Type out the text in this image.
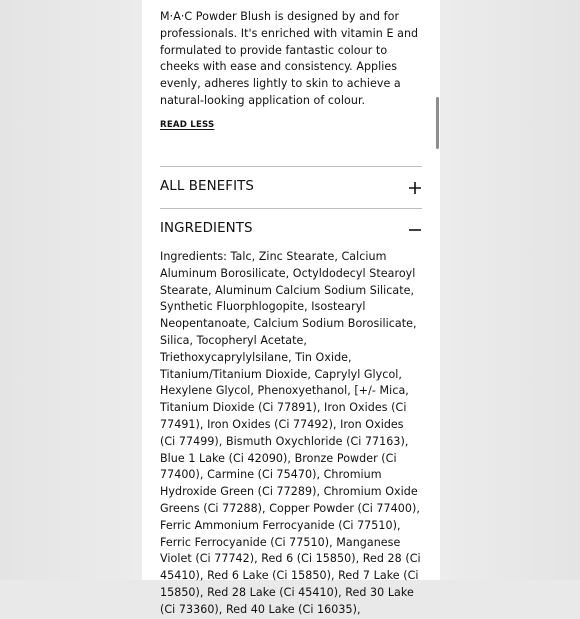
M·A·C Powder Blush is designed by and for professionals. It's enriched with vitamin E and formulated to provide fantastic colour to cheeks with ease and consistency. Applies evenly, adheres lightly to skin to achieve a natural-looking application of colour.

READ LESS
ALL BENEFITS
INGREDIENTS

Ingredients: Talc, Zinc Stearate, Calcium Aluminum Borosilicate, Octyldodecyl Stearoyl Stearate, Aluminum Calcium Sodium Silicate, Synthetic Fluorphlogopite, Isostearyl Neopentanoate, Calcium Sodium Borosilicate, Silica, Tocopheryl Acetate, Triethoxycaprylylsilane, Tin Oxide, Titanium/Titanium Dioxide, Caprylyl Glycol, Hexylene Glycol, Phenoxyethanol, [+/- Mica, Titanium Dioxide (Ci 77891), Iron Oxides (Ci 77491), Iron Oxides (Ci 77492), Iron Oxides (Ci 77499), Bismuth Oxychloride (Ci 77163), Blue 1 Lake (Ci 42090), Bronze Powder (Ci 77400), Carmine (Ci 75470), Chromium Hydroxide Green (Ci 77289), Chromium Oxide Greens (Ci 77288), Copper Powder (Ci 77400), Ferric Ammonium Ferrocyanide (Ci 77510), Ferric Ferrocyanide (Ci 77510), Manganese Violet (Ci 77742), Red 6 (Ci 15850), Red 28 (Ci 45410), Red 6 Lake (Ci 15850), Red 7 Lake (Ci 15850), Red 28 Lake (Ci 45410), Red 30 Lake (Ci 73360), Red 40 Lake (Ci 16035),
